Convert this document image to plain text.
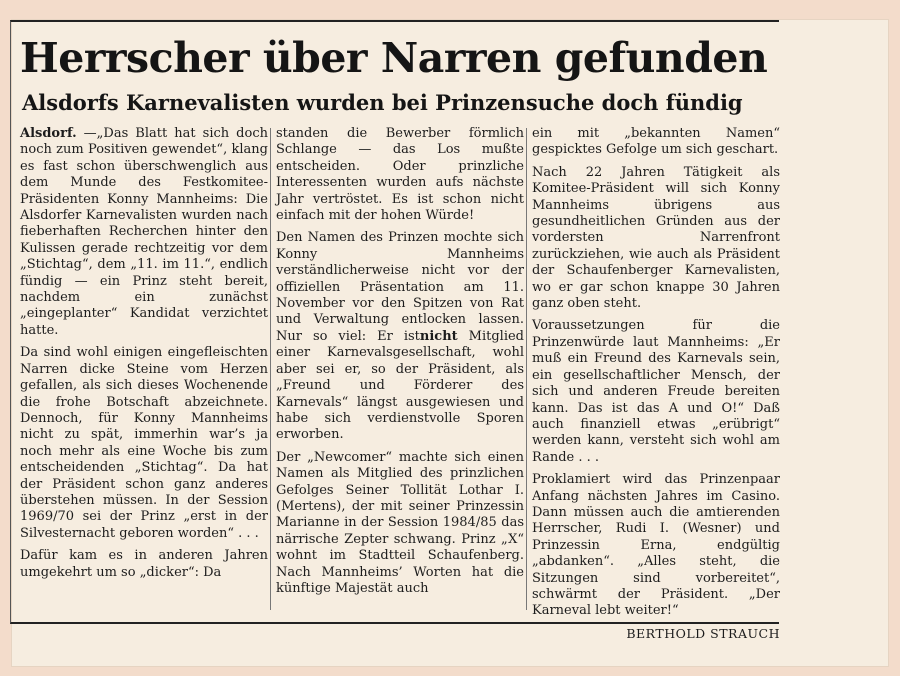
Herrscher über Narren gefunden
Alsdorfs Karnevalisten wurden bei Prinzensuche doch fündig

Alsdorf. —„Das Blatt hat sich doch noch zum Positiven gewendet“, klang es fast schon überschwenglich aus dem Munde des Festkomitee-Präsidenten Konny Mannheims: Die Alsdorfer Karnevalisten wurden nach fieberhaften Recherchen hinter den Kulissen gerade rechtzeitig vor dem „Stichtag“, dem „11. im 11.“, endlich fündig — ein Prinz steht bereit, nachdem ein zunächst „eingeplanter“ Kandidat verzichtet hatte.

Da sind wohl einigen eingefleischten Narren dicke Steine vom Herzen gefallen, als sich dieses Wochenende die frohe Botschaft abzeichnete. Dennoch, für Konny Mannheims nicht zu spät, immerhin war’s ja noch mehr als eine Woche bis zum entscheidenden „Stichtag“. Da hat der Präsident schon ganz anderes überstehen müssen. In der Session 1969/70 sei der Prinz „erst in der Silvesternacht geboren worden“ . . .

Dafür kam es in anderen Jahren umgekehrt um so „dicker“: Da

standen die Bewerber förmlich Schlange — das Los mußte entscheiden. Oder prinzliche Interessenten wurden aufs nächste Jahr vertröstet. Es ist schon nicht einfach mit der hohen Würde!

Den Namen des Prinzen mochte sich Konny Mannheims verständlicherweise nicht vor der offiziellen Präsentation am 11. November vor den Spitzen von Rat und Verwaltung entlocken lassen. Nur so viel: Er istnicht Mitglied einer Karnevalsgesellschaft, wohl aber sei er, so der Präsident, als „Freund und Förderer des Karnevals“ längst ausgewiesen und habe sich verdienstvolle Sporen erworben.

Der „Newcomer“ machte sich einen Namen als Mitglied des prinzlichen Gefolges Seiner Tollität Lothar I. (Mertens), der mit seiner Prinzessin Marianne in der Session 1984/85 das närrische Zepter schwang. Prinz „X“ wohnt im Stadtteil Schaufenberg. Nach Mannheims’ Worten hat die künftige Majestät auch

ein mit „bekannten Namen“ gespicktes Gefolge um sich geschart.

Nach 22 Jahren Tätigkeit als Komitee-Präsident will sich Konny Mannheims übrigens aus gesundheitlichen Gründen aus der vordersten Narrenfront zurückziehen, wie auch als Präsident der Schaufenberger Karnevalisten, wo er gar schon knappe 30 Jahren ganz oben steht.

Voraussetzungen für die Prinzenwürde laut Mannheims: „Er muß ein Freund des Karnevals sein, ein gesellschaftlicher Mensch, der sich und anderen Freude bereiten kann. Das ist das A und O!“ Daß auch finanziell etwas „erübrigt“ werden kann, versteht sich wohl am Rande . . .

Proklamiert wird das Prinzenpaar Anfang nächsten Jahres im Casino. Dann müssen auch die amtierenden Herrscher, Rudi I. (Wesner) und Prinzessin Erna, endgültig „abdanken“. „Alles steht, die Sitzungen sind vorbereitet“, schwärmt der Präsident. „Der Karneval lebt weiter!“

BERTHOLD STRAUCH
